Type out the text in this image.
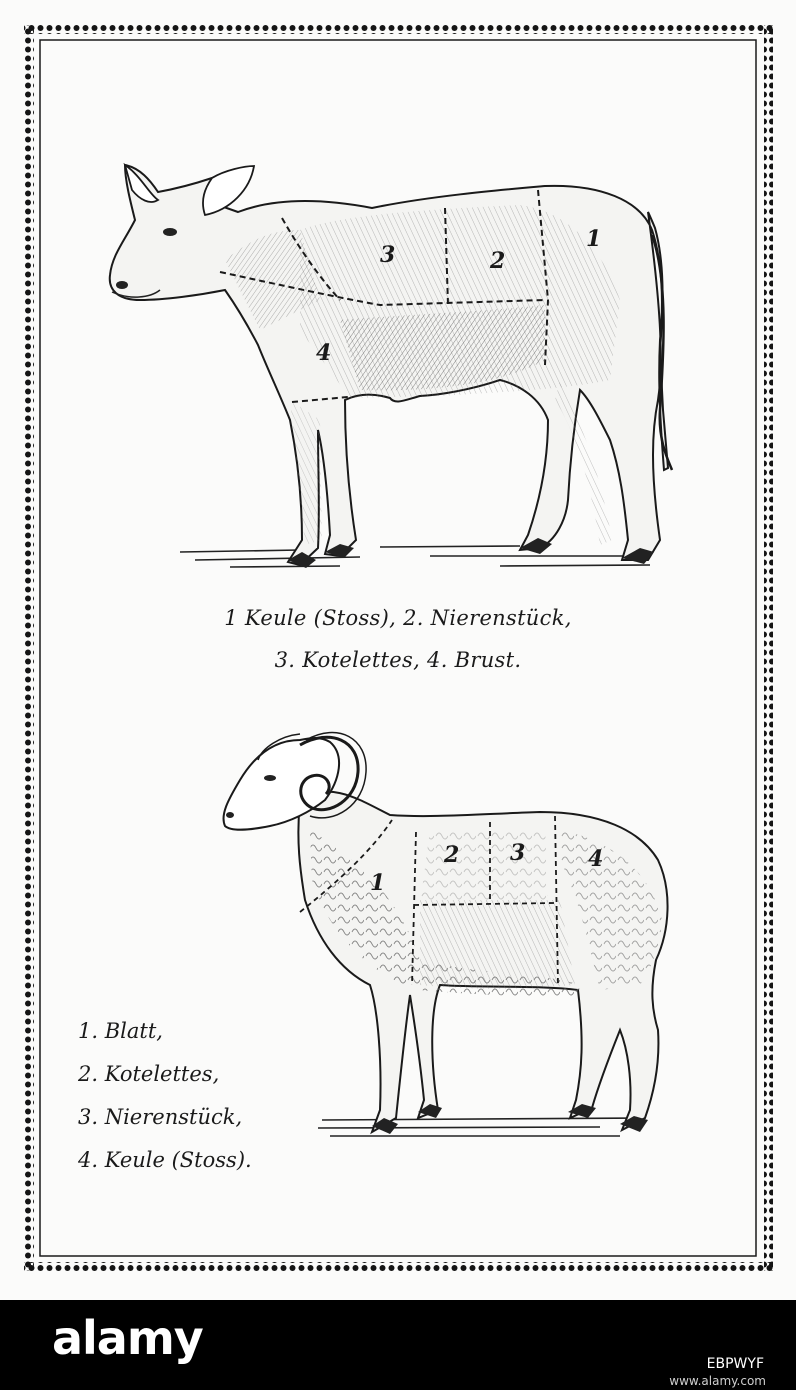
3	2
1
4
1
2 3	4
1 Keule (Stoss), 2. Nierenstück,
3. Kotelettes, 4. Brust.
1. Blatt,
2. Kotelettes,
3. Nierenstück,
4. Keule (Stoss).
alamy	EBPWYF
www.alamy.com
